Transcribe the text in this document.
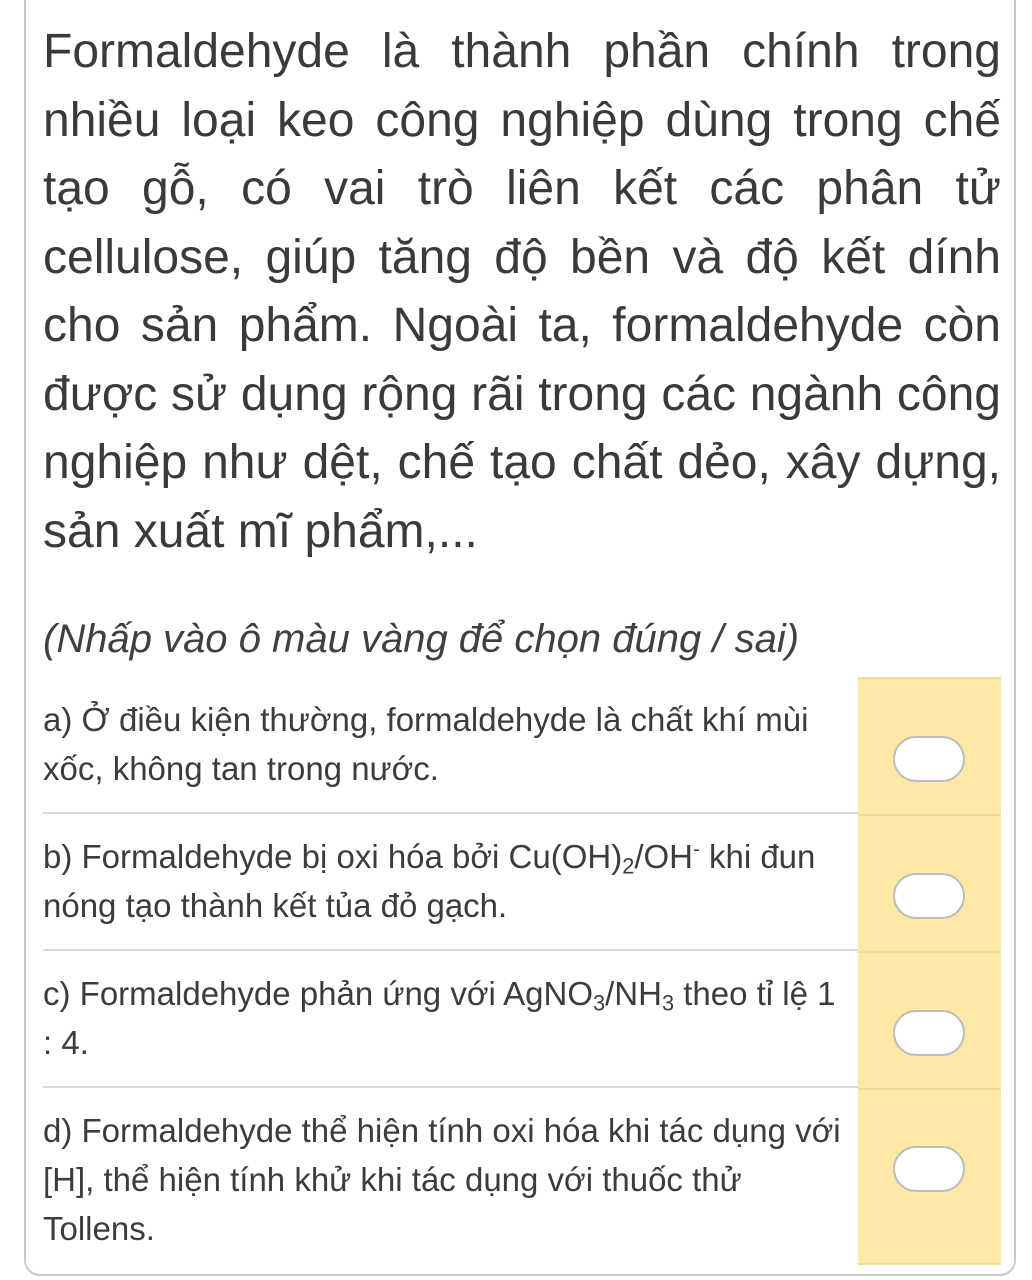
Formaldehyde là thành phần chính trong nhiều loại keo công nghiệp dùng trong chế tạo gỗ, có vai trò liên kết các phân tử cellulose, giúp tăng độ bền và độ kết dính cho sản phẩm. Ngoài ta, formaldehyde còn được sử dụng rộng rãi trong các ngành công nghiệp như dệt, chế tạo chất dẻo, xây dựng, sản xuất mĩ phẩm,...

(Nhấp vào ô màu vàng để chọn đúng / sai)

a) Ở điều kiện thường, formaldehyde là chất khí mùi xốc, không tan trong nước.
b) Formaldehyde bị oxi hóa bởi $Cu(OH)_2/OH^-$ khi đun nóng tạo thành kết tủa đỏ gạch.
c) Formaldehyde phản ứng với $AgNO_3/NH_3$ theo tỉ lệ 1 : 4.
d) Formaldehyde thể hiện tính oxi hóa khi tác dụng với [H], thể hiện tính khử khi tác dụng với thuốc thử Tollens.
